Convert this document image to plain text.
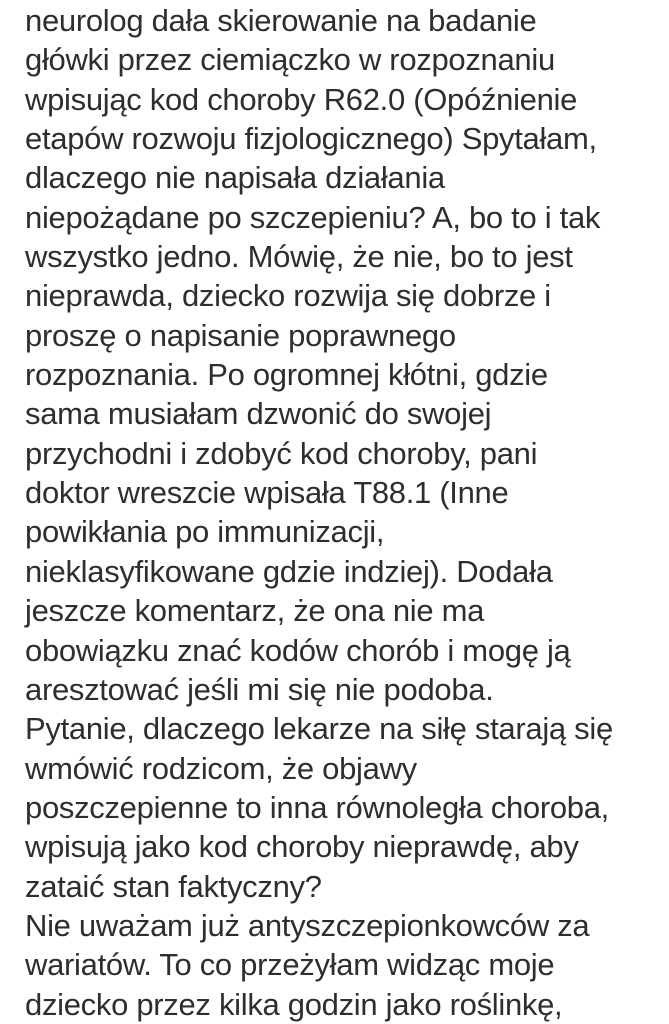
neurolog dała skierowanie na badanie
główki przez ciemiączko w rozpoznaniu
wpisując kod choroby R62.0 (Opóźnienie
etapów rozwoju fizjologicznego) Spytałam,
dlaczego nie napisała działania
niepożądane po szczepieniu? A, bo to i tak
wszystko jedno. Mówię, że nie, bo to jest
nieprawda, dziecko rozwija się dobrze i
proszę o napisanie poprawnego
rozpoznania. Po ogromnej kłótni, gdzie
sama musiałam dzwonić do swojej
przychodni i zdobyć kod choroby, pani
doktor wreszcie wpisała T88.1 (Inne
powikłania po immunizacji,
nieklasyfikowane gdzie indziej). Dodała
jeszcze komentarz, że ona nie ma
obowiązku znać kodów chorób i mogę ją
aresztować jeśli mi się nie podoba.
Pytanie, dlaczego lekarze na siłę starają się
wmówić rodzicom, że objawy
poszczepienne to inna równoległa choroba,
wpisują jako kod choroby nieprawdę, aby
zataić stan faktyczny?
Nie uważam już antyszczepionkowców za
wariatów. To co przeżyłam widząc moje
dziecko przez kilka godzin jako roślinkę,
